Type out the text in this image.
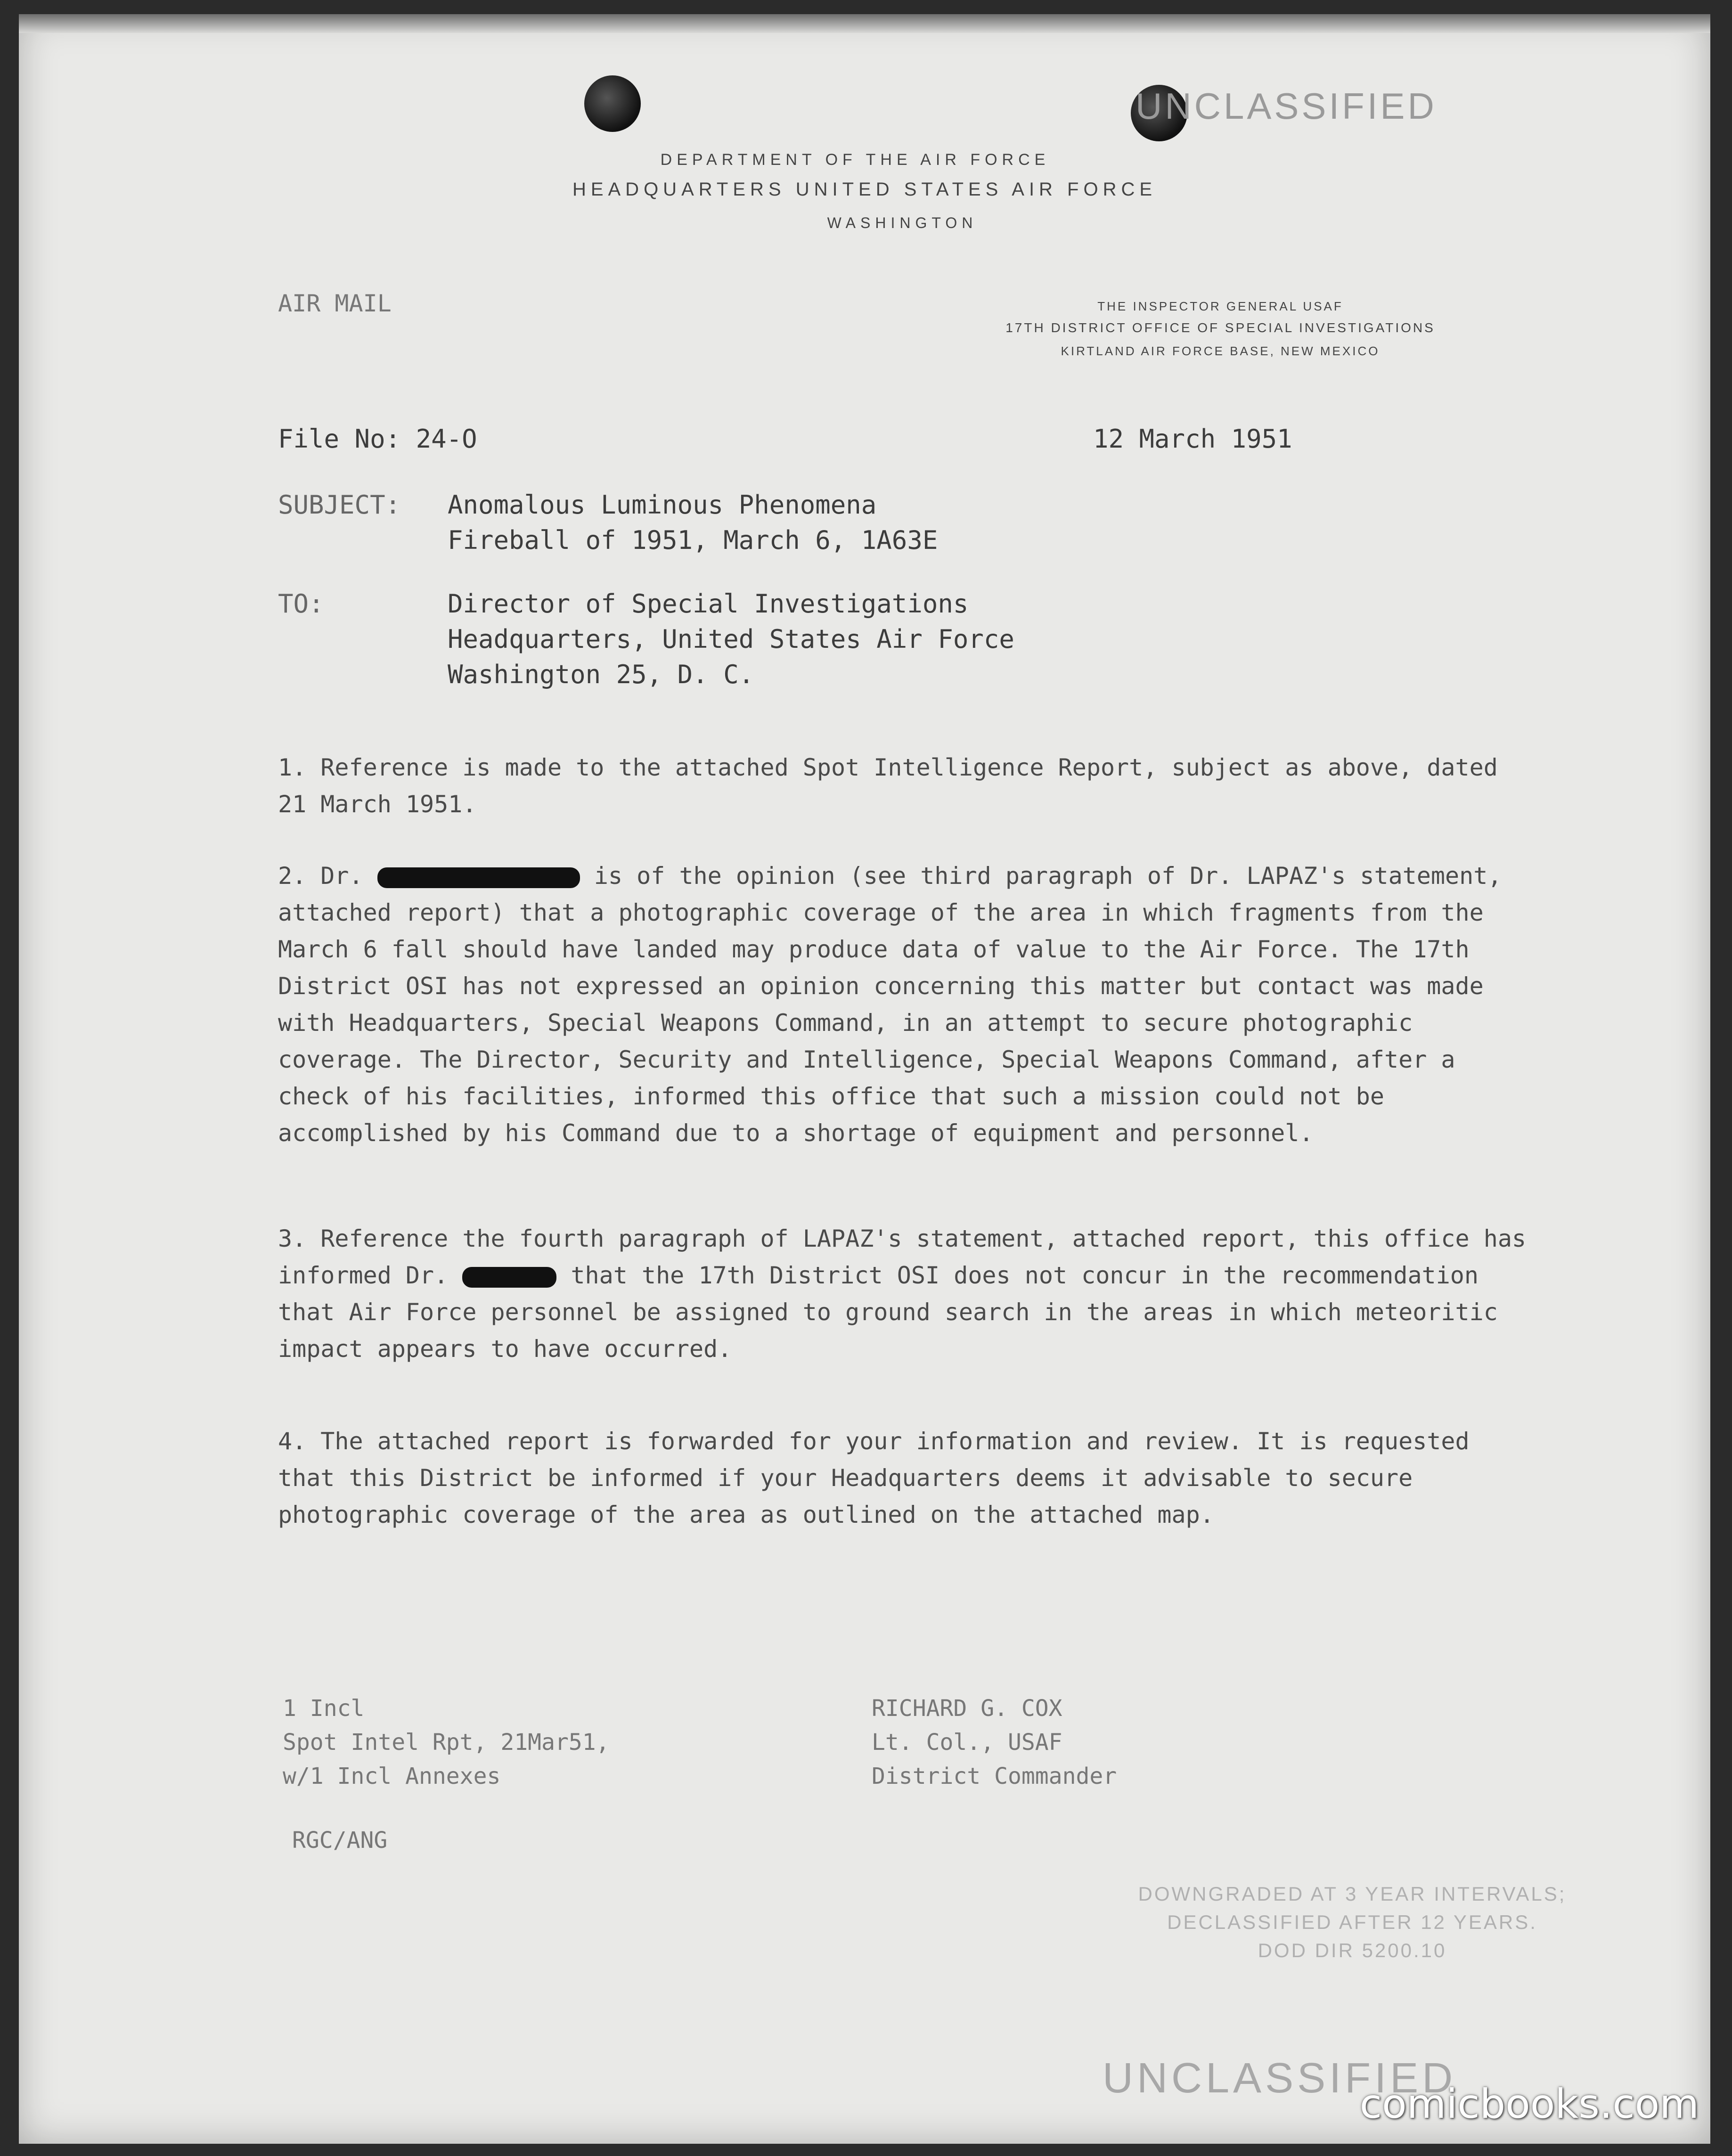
UNCLASSIFIED
DEPARTMENT OF THE AIR FORCE
HEADQUARTERS UNITED STATES AIR FORCE
WASHINGTON
AIR MAIL	THE INSPECTOR GENERAL USAF
17TH DISTRICT OFFICE OF SPECIAL INVESTIGATIONS
KIRTLAND AIR FORCE BASE, NEW MEXICO
File No: 24-O	12 March 1951
SUBJECT: Anomalous Luminous Phenomena
Fireball of 1951, March 6, 1A63E
TO:	Director of Special Investigations
Headquarters, United States Air Force
Washington 25, D. C.

1. Reference is made to the attached Spot Intelligence Report, subject as above, dated 21 March 1951.

2. Dr.	is of the opinion (see third paragraph of Dr. LAPAZ's statement, attached report) that a photographic coverage of the area in which fragments from the March 6 fall should have landed may produce data of value to the Air Force. The 17th District OSI has not expressed an opinion concerning this matter but contact was made with Headquarters, Special Weapons Command, in an attempt to secure photographic coverage. The Director, Security and Intelligence, Special Weapons Command, after a check of his facilities, informed this office that such a mission could not be accomplished by his Command due to a shortage of equipment and personnel.

3. Reference the fourth paragraph of LAPAZ's statement, attached report, this office has informed Dr.	that the 17th District OSI does not concur in the recommendation that Air Force personnel be assigned to ground search in the areas in which meteoritic impact appears to have occurred.

4. The attached report is forwarded for your information and review. It is requested that this District be informed if your Headquarters deems it advisable to secure photographic coverage of the area as outlined on the attached map.

1 Incl
Spot Intel Rpt, 21Mar51,
w/1 Incl Annexes
RICHARD G. COX
Lt. Col., USAF
District Commander
RGC/ANG
DOWNGRADED AT 3 YEAR INTERVALS;
DECLASSIFIED AFTER 12 YEARS.
DOD DIR 5200.10
UNCLASSIFIED
comicbooks.com
